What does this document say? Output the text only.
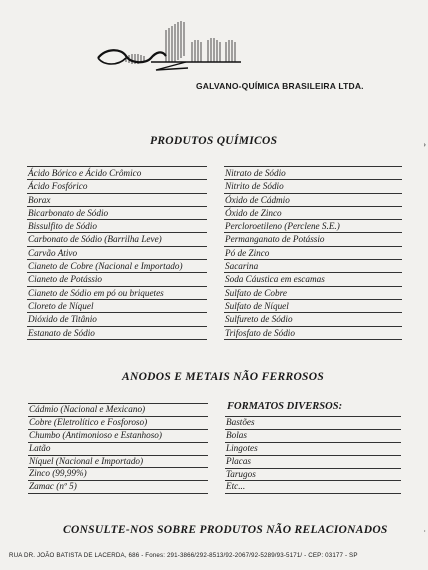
GALVANO-QUÍMICA BRASILEIRA LTDA.
PRODUTOS QUÍMICOS
Ácido Bórico e Ácido Crômico
Ácido Fosfórico
Borax
Bicarbonato de Sódio
Bissulfito de Sódio
Carbonato de Sódio (Barrilha Leve)
Carvão Ativo
Cianeto de Cobre (Nacional e Importado)
Cianeto de Potássio
Cianeto de Sódio em pó ou briquetes
Cloreto de Níquel
Dióxido de Titânio
Estanato de Sódio
Nitrato de Sódio
Nitrito de Sódio
Óxido de Cádmio
Óxido de Zinco
Percloroetileno (Perclene S.E.)
Permanganato de Potássio
Pó de Zinco
Sacarina
Soda Cáustica em escamas
Sulfato de Cobre
Sulfato de Níquel
Sulfureto de Sódio
Trifosfato de Sódio
ANODOS E METAIS NÃO FERROSOS
Cádmio (Nacional e Mexicano)
Cobre (Eletrolítico e Fosforoso)
Chumbo (Antimonioso e Estanhoso)
Latão
Níquel (Nacional e Importado)
Zinco (99,99%)
Zamac (nº 5)
FORMATOS DIVERSOS:
Bastões
Bolas
Lingotes
Placas
Tarugos
Etc...
CONSULTE-NOS SOBRE PRODUTOS NÃO RELACIONADOS
RUA DR. JOÃO BATISTA DE LACERDA, 686 - Fones: 291-3866/292-8513/92-2067/92-5289/93-5171/ - CEP: 03177 - SP
›
·
